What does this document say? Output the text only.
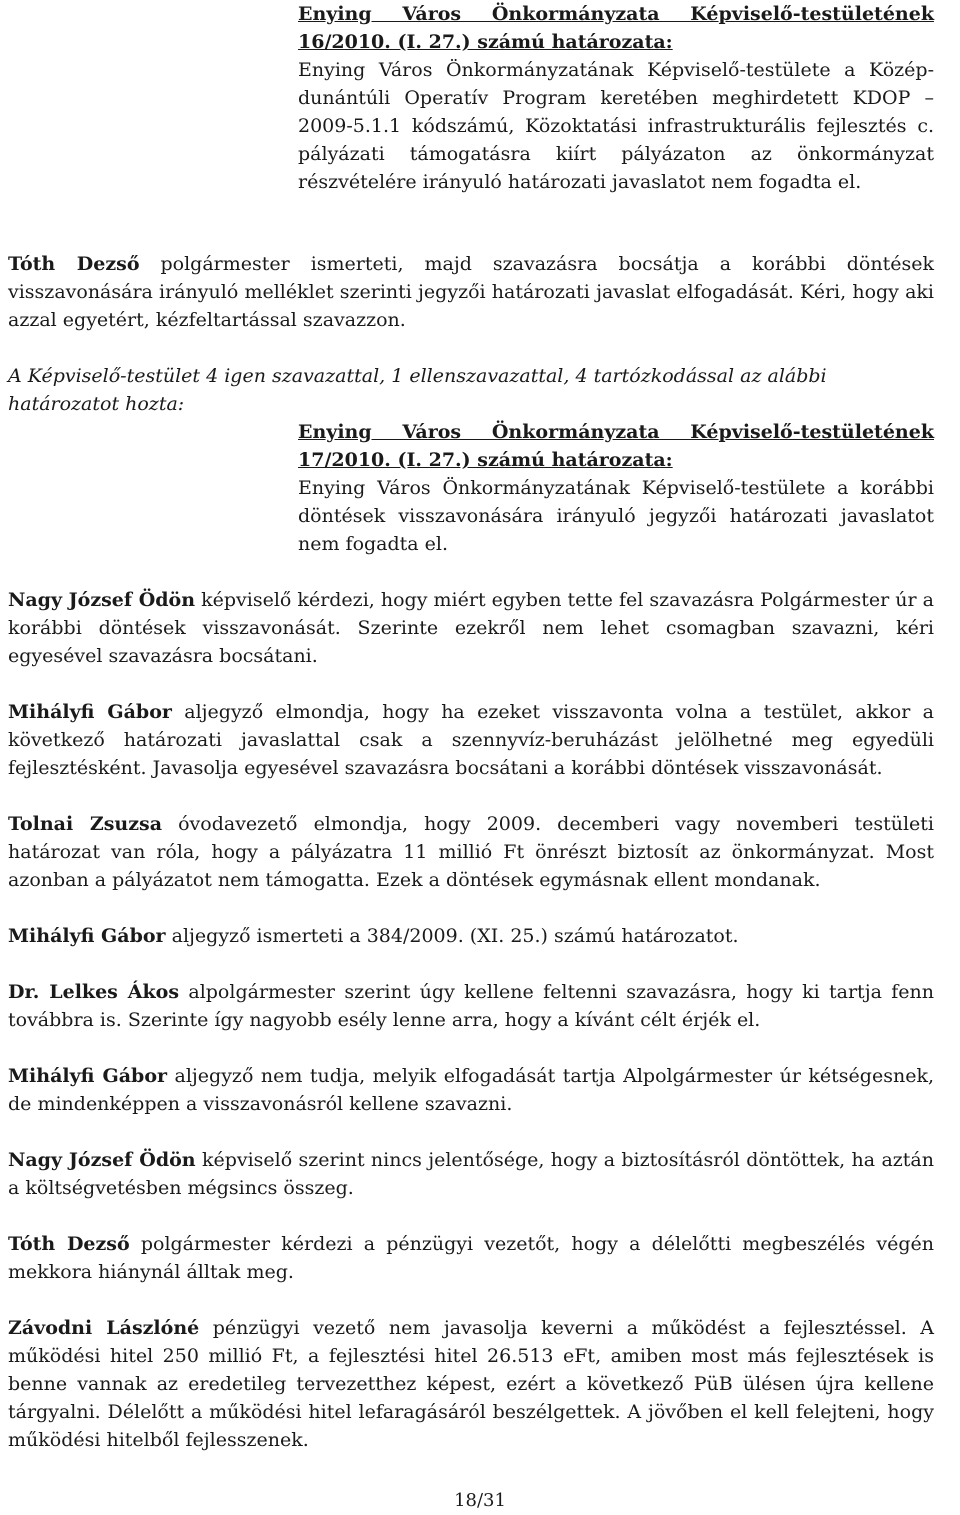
Enying Város Önkormányzata Képviselő-testületének 16/2010. (I. 27.) számú határozata:

Enying Város Önkormányzatának Képviselő-testülete a Közép-dunántúli Operatív Program keretében meghirdetett KDOP – 2009-5.1.1 kódszámú, Közoktatási infrastrukturális fejlesztés c. pályázati támogatásra kiírt pályázaton az önkormányzat részvételére irányuló határozati javaslatot nem fogadta el.

Tóth Dezső polgármester ismerteti, majd szavazásra bocsátja a korábbi döntések visszavonására irányuló melléklet szerinti jegyzői határozati javaslat elfogadását. Kéri, hogy aki azzal egyetért, kézfeltartással szavazzon.

A Képviselő-testület 4 igen szavazattal, 1 ellenszavazattal, 4 tartózkodással az alábbi határozatot hozta:

Enying Város Önkormányzata Képviselő-testületének 17/2010. (I. 27.) számú határozata:

Enying Város Önkormányzatának Képviselő-testülete a korábbi döntések visszavonására irányuló jegyzői határozati javaslatot nem fogadta el.

Nagy József Ödön képviselő kérdezi, hogy miért egyben tette fel szavazásra Polgármester úr a korábbi döntések visszavonását. Szerinte ezekről nem lehet csomagban szavazni, kéri egyesével szavazásra bocsátani.

Mihályfi Gábor aljegyző elmondja, hogy ha ezeket visszavonta volna a testület, akkor a következő határozati javaslattal csak a szennyvíz-beruházást jelölhetné meg egyedüli fejlesztésként. Javasolja egyesével szavazásra bocsátani a korábbi döntések visszavonását.

Tolnai Zsuzsa óvodavezető elmondja, hogy 2009. decemberi vagy novemberi testületi határozat van róla, hogy a pályázatra 11 millió Ft önrészt biztosít az önkormányzat. Most azonban a pályázatot nem támogatta. Ezek a döntések egymásnak ellent mondanak.

Mihályfi Gábor aljegyző ismerteti a 384/2009. (XI. 25.) számú határozatot.

Dr. Lelkes Ákos alpolgármester szerint úgy kellene feltenni szavazásra, hogy ki tartja fenn továbbra is. Szerinte így nagyobb esély lenne arra, hogy a kívánt célt érjék el.

Mihályfi Gábor aljegyző nem tudja, melyik elfogadását tartja Alpolgármester úr kétségesnek, de mindenképpen a visszavonásról kellene szavazni.

Nagy József Ödön képviselő szerint nincs jelentősége, hogy a biztosításról döntöttek, ha aztán a költségvetésben mégsincs összeg.

Tóth Dezső polgármester kérdezi a pénzügyi vezetőt, hogy a délelőtti megbeszélés végén mekkora hiánynál álltak meg.

Závodni Lászlóné pénzügyi vezető nem javasolja keverni a működést a fejlesztéssel. A működési hitel 250 millió Ft, a fejlesztési hitel 26.513 eFt, amiben most más fejlesztések is benne vannak az eredetileg tervezetthez képest, ezért a következő PüB ülésen újra kellene tárgyalni. Délelőtt a működési hitel lefaragásáról beszélgettek. A jövőben el kell felejteni, hogy működési hitelből fejlesszenek.

18/31
